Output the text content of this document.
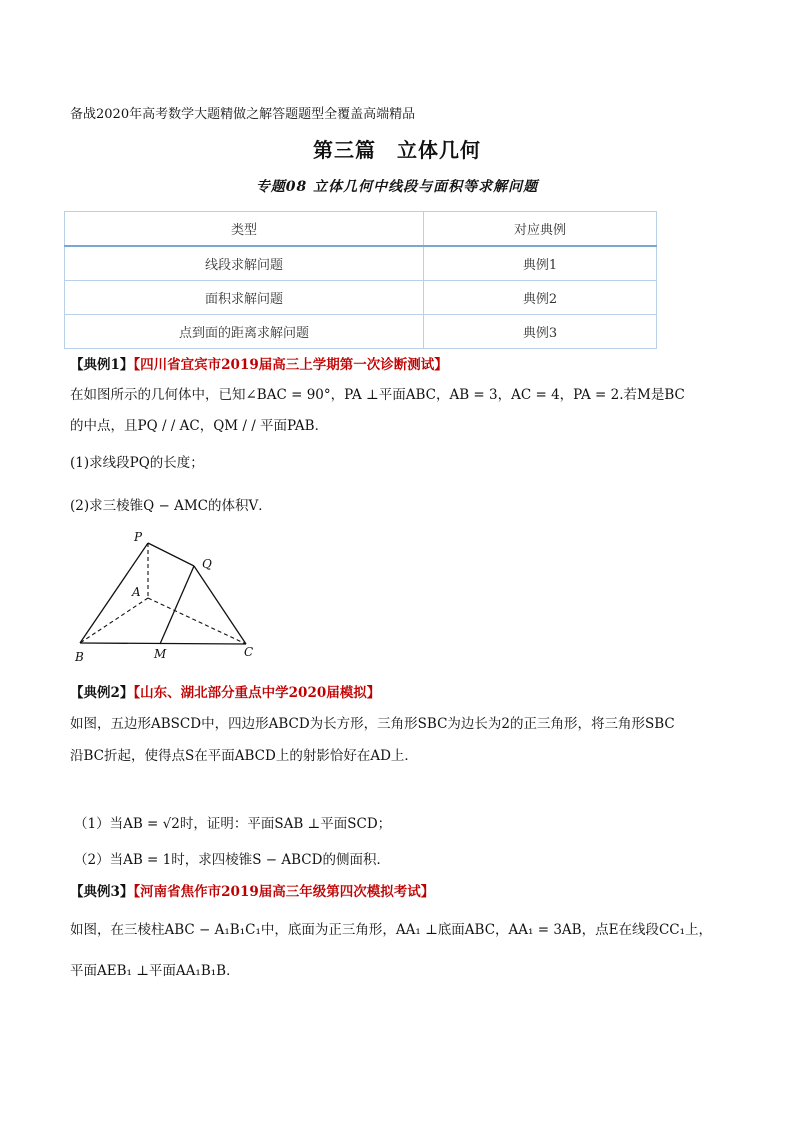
备战2020年高考数学大题精做之解答题题型全覆盖高端精品
第三篇　立体几何
专题08 立体几何中线段与面积等求解问题
类型	对应典例
线段求解问题	典例1
面积求解问题	典例2
点到面的距离求解问题	典例3
【典例1】【四川省宜宾市2019届高三上学期第一次诊断测试】
在如图所示的几何体中，已知∠BAC = 90°，PA ⊥平面ABC，AB = 3，AC = 4，PA = 2.若M是BC
的中点，且PQ / / AC，QM / / 平面PAB．
(1)求线段PQ的长度；
(2)求三棱锥Q − AMC的体积V．
P
Q
A
B	M	C
【典例2】【山东、湖北部分重点中学2020届模拟】
如图，五边形ABSCD中，四边形ABCD为长方形，三角形SBC为边长为2的正三角形，将三角形SBC
沿BC折起，使得点S在平面ABCD上的射影恰好在AD上．
（1）当AB = √2时，证明：平面SAB ⊥平面SCD；
（2）当AB = 1时，求四棱锥S − ABCD的侧面积．
【典例3】【河南省焦作市2019届高三年级第四次模拟考试】
如图，在三棱柱ABC − A₁B₁C₁中，底面为正三角形，AA₁ ⊥底面ABC，AA₁ = 3AB，点E在线段CC₁上，
平面AEB₁ ⊥平面AA₁B₁B．
